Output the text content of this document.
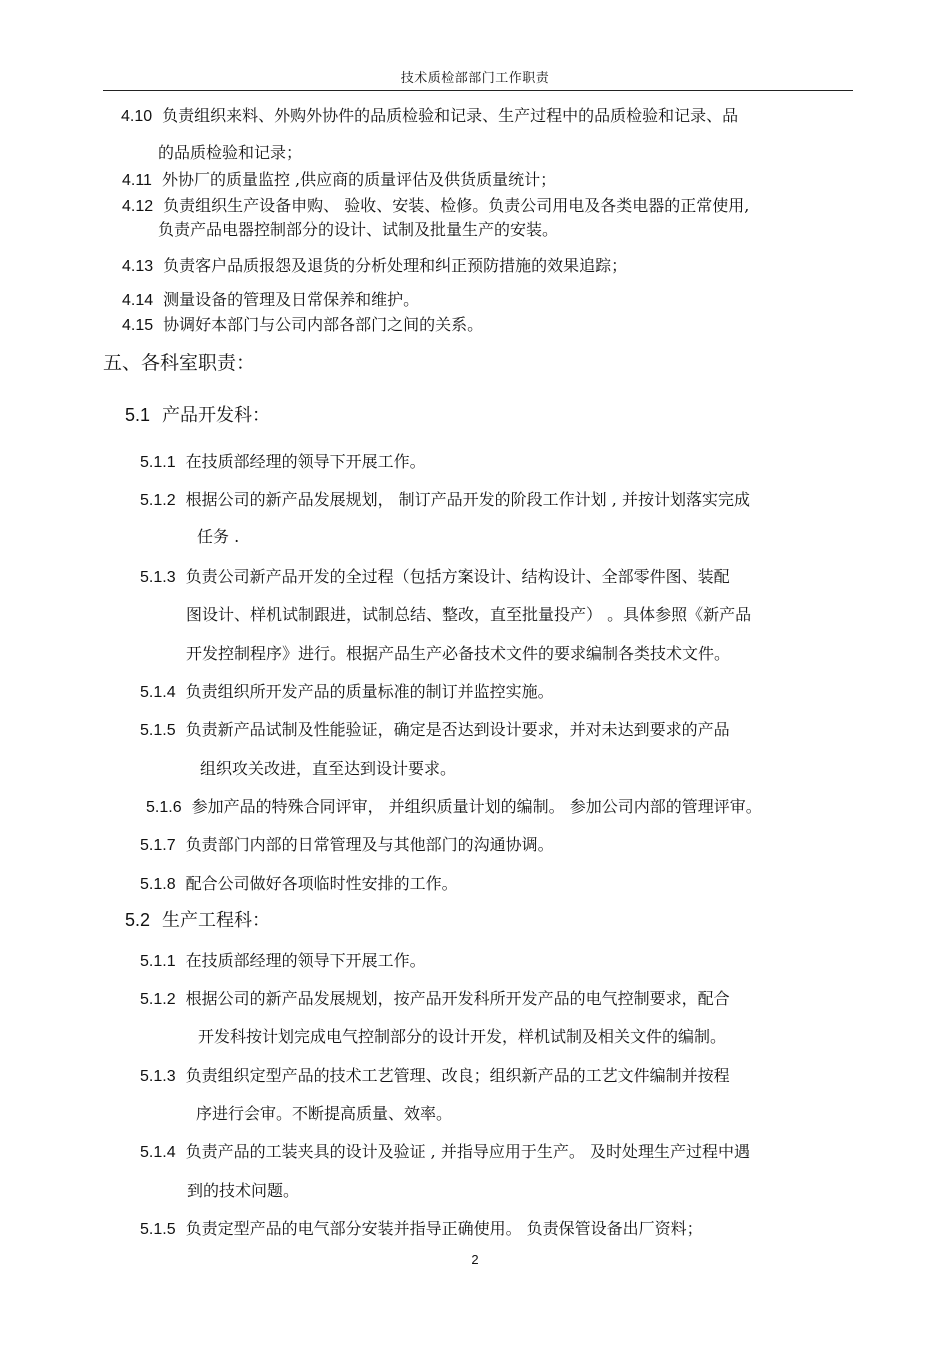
技术质检部部门工作职责
4.10 负责组织来料、外购外协件的品质检验和记录、生产过程中的品质检验和记录、品
的品质检验和记录；
4.11 外协厂的质量监控 ,供应商的质量评估及供货质量统计；
4.12 负责组织生产设备申购、 验收、安装、检修。负责公司用电及各类电器的正常使用,
负责产品电器控制部分的设计、试制及批量生产的安装。
4.13 负责客户品质报怨及退货的分析处理和纠正预防措施的效果追踪；
4.14 测量设备的管理及日常保养和维护。
4.15 协调好本部门与公司内部各部门之间的关系。
五、各科室职责：
5.1 产品开发科：
5.1.1 在技质部经理的领导下开展工作。
5.1.2 根据公司的新产品发展规划， 制订产品开发的阶段工作计划 , 并按计划落实完成
任务 .
5.1.3 负责公司新产品开发的全过程（包括方案设计、结构设计、全部零件图、装配
图设计、样机试制跟进，试制总结、整改，直至批量投产） 。具体参照《新产品
开发控制程序》进行。根据产品生产必备技术文件的要求编制各类技术文件。
5.1.4 负责组织所开发产品的质量标准的制订并监控实施。
5.1.5 负责新产品试制及性能验证，确定是否达到设计要求，并对未达到要求的产品
组织攻关改进，直至达到设计要求。
5.1.6 参加产品的特殊合同评审， 并组织质量计划的编制。 参加公司内部的管理评审。
5.1.7 负责部门内部的日常管理及与其他部门的沟通协调。
5.1.8 配合公司做好各项临时性安排的工作。
5.2 生产工程科：
5.1.1 在技质部经理的领导下开展工作。
5.1.2 根据公司的新产品发展规划，按产品开发科所开发产品的电气控制要求，配合
开发科按计划完成电气控制部分的设计开发，样机试制及相关文件的编制。
5.1.3 负责组织定型产品的技术工艺管理、改良；组织新产品的工艺文件编制并按程
序进行会审。不断提高质量、效率。
5.1.4 负责产品的工装夹具的设计及验证 , 并指导应用于生产。 及时处理生产过程中遇
到的技术问题。
5.1.5 负责定型产品的电气部分安装并指导正确使用。 负责保管设备出厂资料；
2
